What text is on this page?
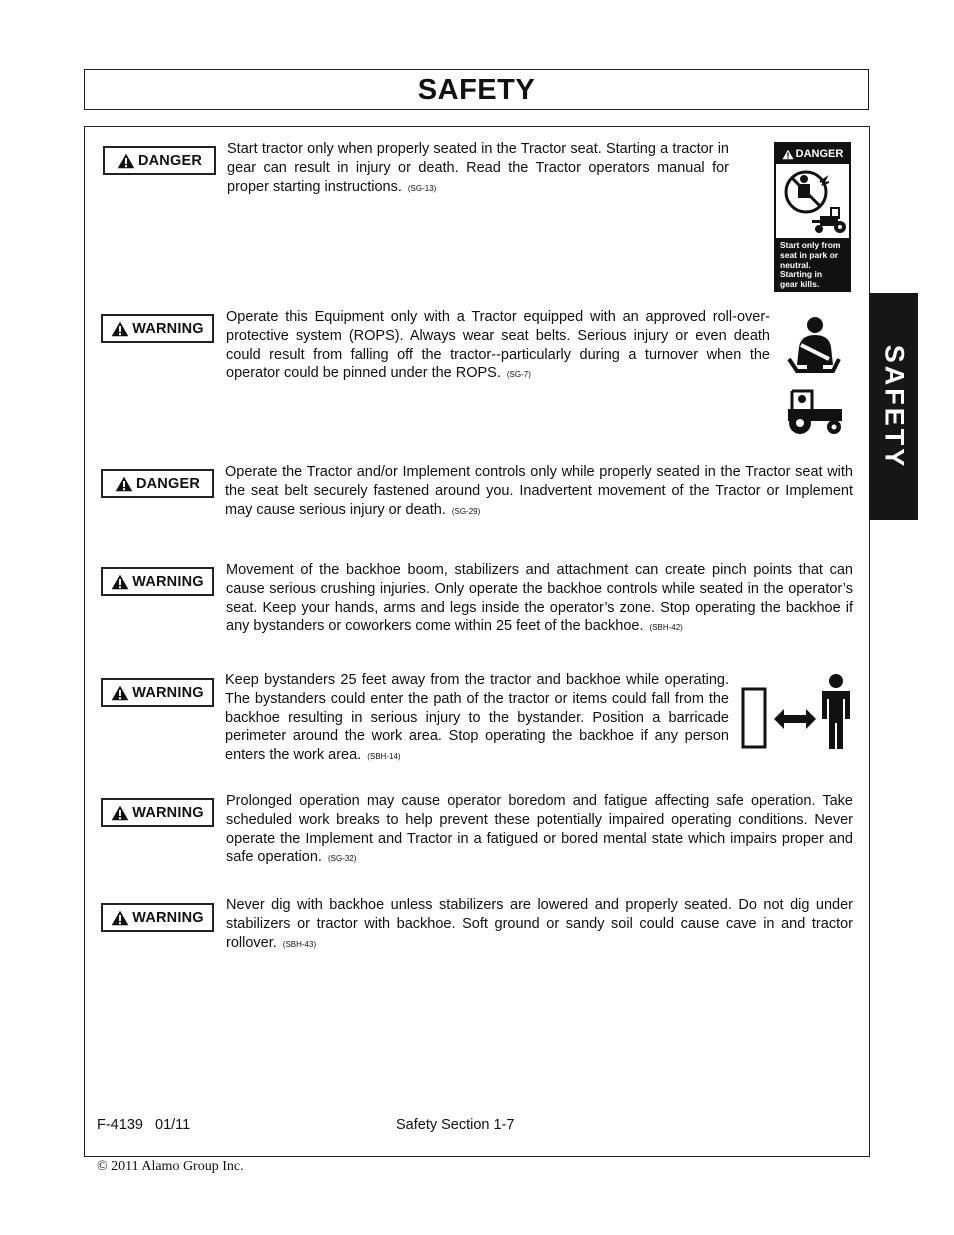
SAFETY
SAFETY
DANGER
Start tractor only when properly seated in the Tractor seat. Starting a tractor in gear can result in injury or death. Read the Tractor operators manual for proper starting instructions. (SG-13)
DANGER
Start only from
seat in park or
neutral.
Starting in
gear kills.
WARNING
Operate this Equipment only with a Tractor equipped with an approved roll-over-protective system (ROPS). Always wear seat belts. Serious injury or even death could result from falling off the tractor--particularly during a turnover when the operator could be pinned under the ROPS. (SG-7)
DANGER
Operate the Tractor and/or Implement controls only while properly seated in the Tractor seat with the seat belt securely fastened around you. Inadvertent movement of the Tractor or Implement may cause serious injury or death. (SG-29)
WARNING
Movement of the backhoe boom, stabilizers and attachment can create pinch points that can cause serious crushing injuries. Only operate the backhoe controls while seated in the operator’s seat. Keep your hands, arms and legs inside the operator’s zone. Stop operating the backhoe if any bystanders or coworkers come within 25 feet of the backhoe. (SBH-42)
WARNING
Keep bystanders 25 feet away from the tractor and backhoe while operating. The bystanders could enter the path of the tractor or items could fall from the backhoe resulting in serious injury to the bystander. Position a barricade perimeter around the work area. Stop operating the backhoe if any person enters the work area. (SBH-14)
WARNING
Prolonged operation may cause operator boredom and fatigue affecting safe operation. Take scheduled work breaks to help prevent these potentially impaired operating conditions. Never operate the Implement and Tractor in a fatigued or bored mental state which impairs proper and safe operation. (SG-32)
WARNING
Never dig with backhoe unless stabilizers are lowered and properly seated. Do not dig under stabilizers or tractor with backhoe. Soft ground or sandy soil could cause cave in and tractor rollover. (SBH-43)
F-4139   01/11	Safety Section 1-7
© 2011 Alamo Group Inc.
